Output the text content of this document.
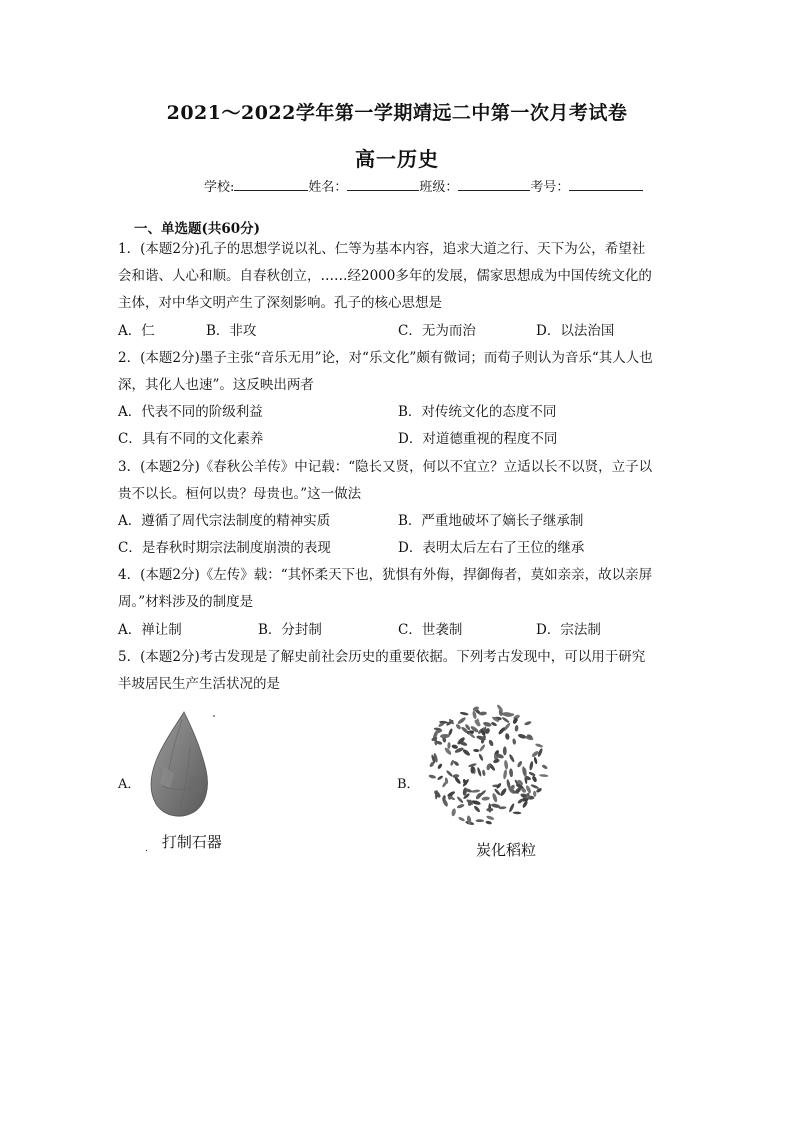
2021～2022学年第一学期靖远二中第一次月考试卷
高一历史
学校:	姓名：	班级：	考号：
一、单选题(共60分)
1．(本题2分)孔子的思想学说以礼、仁等为基本内容，追求大道之行、天下为公，希望社
会和谐、人心和顺。自春秋创立，……经2000多年的发展，儒家思想成为中国传统文化的
主体，对中华文明产生了深刻影响。孔子的核心思想是
A．仁	B．非攻	C．无为而治	D．以法治国
2．(本题2分)墨子主张“音乐无用”论，对“乐文化”颇有微词；而荀子则认为音乐“其人人也
深，其化人也速”。这反映出两者
A．代表不同的阶级利益	B．对传统文化的态度不同
C．具有不同的文化素养	D．对道德重视的程度不同
3．(本题2分)《春秋公羊传》中记载：“隐长又贤，何以不宜立？立适以长不以贤，立子以
贵不以长。桓何以贵？母贵也。”这一做法
A．遵循了周代宗法制度的精神实质	B．严重地破坏了嫡长子继承制
C．是春秋时期宗法制度崩溃的表现	D．表明太后左右了王位的继承
4．(本题2分)《左传》载：“其怀柔天下也，犹惧有外侮，捍御侮者，莫如亲亲，故以亲屏
周。”材料涉及的制度是
A．禅让制	B．分封制	C．世袭制	D．宗法制
5．(本题2分)考古发现是了解史前社会历史的重要依据。下列考古发现中，可以用于研究
半坡居民生产生活状况的是
A．
$_.$ 打制石器
B．
炭化稻粒
